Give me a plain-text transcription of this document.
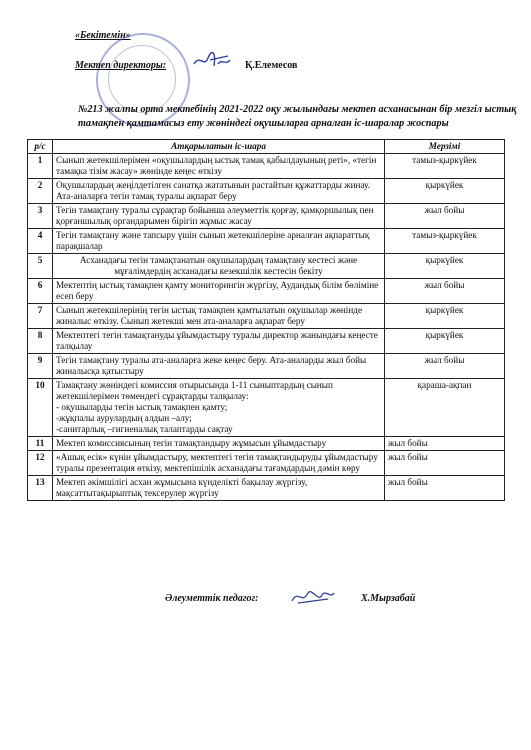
«Бекітемін»
Мектеп директоры:	Қ.Елемесов
№213 жалпы орта мектебінің 2021-2022 оқу жылындағы мектеп асханасынан бір мезгіл ыстық тамақпен қамтамасыз ету жөніндегі оқушыларға арналған іс-шаралар жоспары
р/с	Атқарылатын іс-шара	Мерзімі
1	Сынып жетекшілерімен «оқушылардың ыстық тамақ қабылдауының реті», «тегін тамақка тізім жасау» жөнінде кеңес өткізу	тамыз-қыркүйек
2	Оқушылардың жеңілдетілген санатқа жататынын растайтын құжаттарды жинау. Ата-аналарға тегін тамақ туралы ақпарат беру	қыркүйек
3	Тегін тамақтану туралы сұрақтар бойынша әлеуметтік қорғау, қамқоршылық пен қорғаншылық органдарымен бірігіп жұмыс жасау	жыл бойы
4	Тегін тамақтану және тапсыру үшін сынып жетекшілеріне арналған ақпараттық парақшалар	тамыз-қыркүйек
5	Асханадағы тегін тамақтанатын оқушылардың тамақтану кестесі және мұғалімдердің асханадағы кезекшілік кестесін бекіту	қыркүйек
6	Мектептің ыстық тамақпен қамту мониторингін жүргізу, Аудандық білім бөліміне есеп беру	жыл бойы
7	Сынып жетекшілерінің тегін ыстық тамақпен қамтылатын оқушылар жөнінде жиналыс өткізу. Сынып жетекші мен ата-аналарға ақпарат беру	қыркүйек
8	Мектептегі тегін тамақтануды ұйымдастыру туралы директор жанындағы кеңесте талқылау	қыркүйек
9	Тегін тамақтану туралы ата-аналарға жеке кеңес беру. Ата-аналарды жыл бойы жиналысқа қатыстыру	жыл бойы
10	Тамақтану жөніндегі комиссия отырысында 1-11 сыныптардың сынып жетекшілерімен төмендегі сұрақтарды талқылау:
- оқушыларды тегін ыстық тамақпен қамту;
-жұқпалы аурулардың алдын –алу;
-санитарлық –гигиеналық талаптарды сақтау	қараша-ақпан
11	Мектеп комиссиясының тегін тамақтандыру жұмысын ұйымдастыру	жыл бойы
12	«Ашық есік» күнін ұйымдастыру, мектептегі тегін тамақтандыруды ұйымдастыру туралы презентация өткізу, мектепішілік асханадағы тағамдардың дәмін көру	жыл бойы
13	Мектеп әкімшілігі асхан жұмысына күнделікті бақылау жүргізу, мақсаттытақырыптық тексерулер жүргізу	жыл бойы
Әлеуметтік педагог:	Х.Мырзабай
